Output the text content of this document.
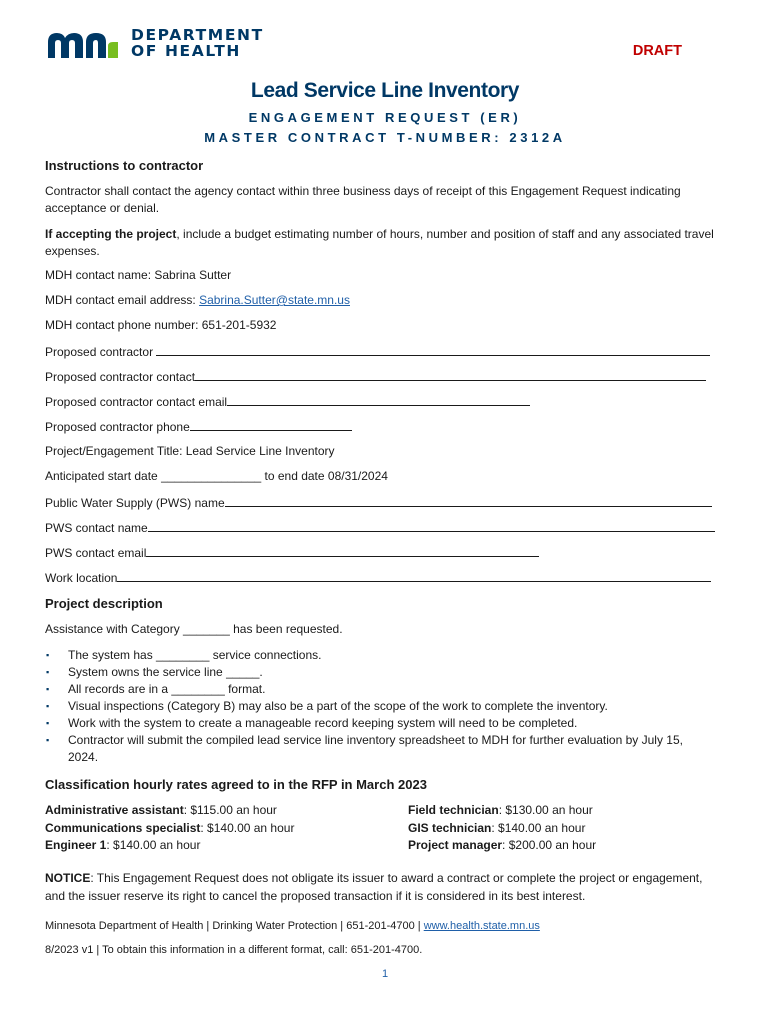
DEPARTMENT
OF HEALTH	DRAFT
Lead Service Line Inventory
ENGAGEMENT REQUEST (ER)
MASTER CONTRACT T-NUMBER: 2312A
Instructions to contractor
Contractor shall contact the agency contact within three business days of receipt of this Engagement Request indicating acceptance or denial.
If accepting the project, include a budget estimating number of hours, number and position of staff and any associated travel expenses.
MDH contact name: Sabrina Sutter
MDH contact email address: Sabrina.Sutter@state.mn.us
MDH contact phone number: 651-201-5932
Proposed contractor
Proposed contractor contact
Proposed contractor contact email
Proposed contractor phone
Project/Engagement Title: Lead Service Line Inventory
Anticipated start date _______________ to end date 08/31/2024
Public Water Supply (PWS) name
PWS contact name
PWS contact email
Work location
Project description
Assistance with Category _______ has been requested.
▪ The system has ________ service connections.
▪ System owns the service line _____.
▪ All records are in a ________ format.
▪ Visual inspections (Category B) may also be a part of the scope of the work to complete the inventory.
▪ Work with the system to create a manageable record keeping system will need to be completed.
▪ Contractor will submit the compiled lead service line inventory spreadsheet to MDH for further evaluation by July 15, 2024.
Classification hourly rates agreed to in the RFP in March 2023
Administrative assistant: $115.00 an hour
Communications specialist: $140.00 an hour
Engineer 1: $140.00 an hour
Field technician: $130.00 an hour
GIS technician: $140.00 an hour
Project manager: $200.00 an hour
NOTICE: This Engagement Request does not obligate its issuer to award a contract or complete the project or engagement, and the issuer reserve its right to cancel the proposed transaction if it is considered in its best interest.
Minnesota Department of Health | Drinking Water Protection | 651-201-4700 | www.health.state.mn.us
8/2023 v1 | To obtain this information in a different format, call: 651-201-4700.
1
